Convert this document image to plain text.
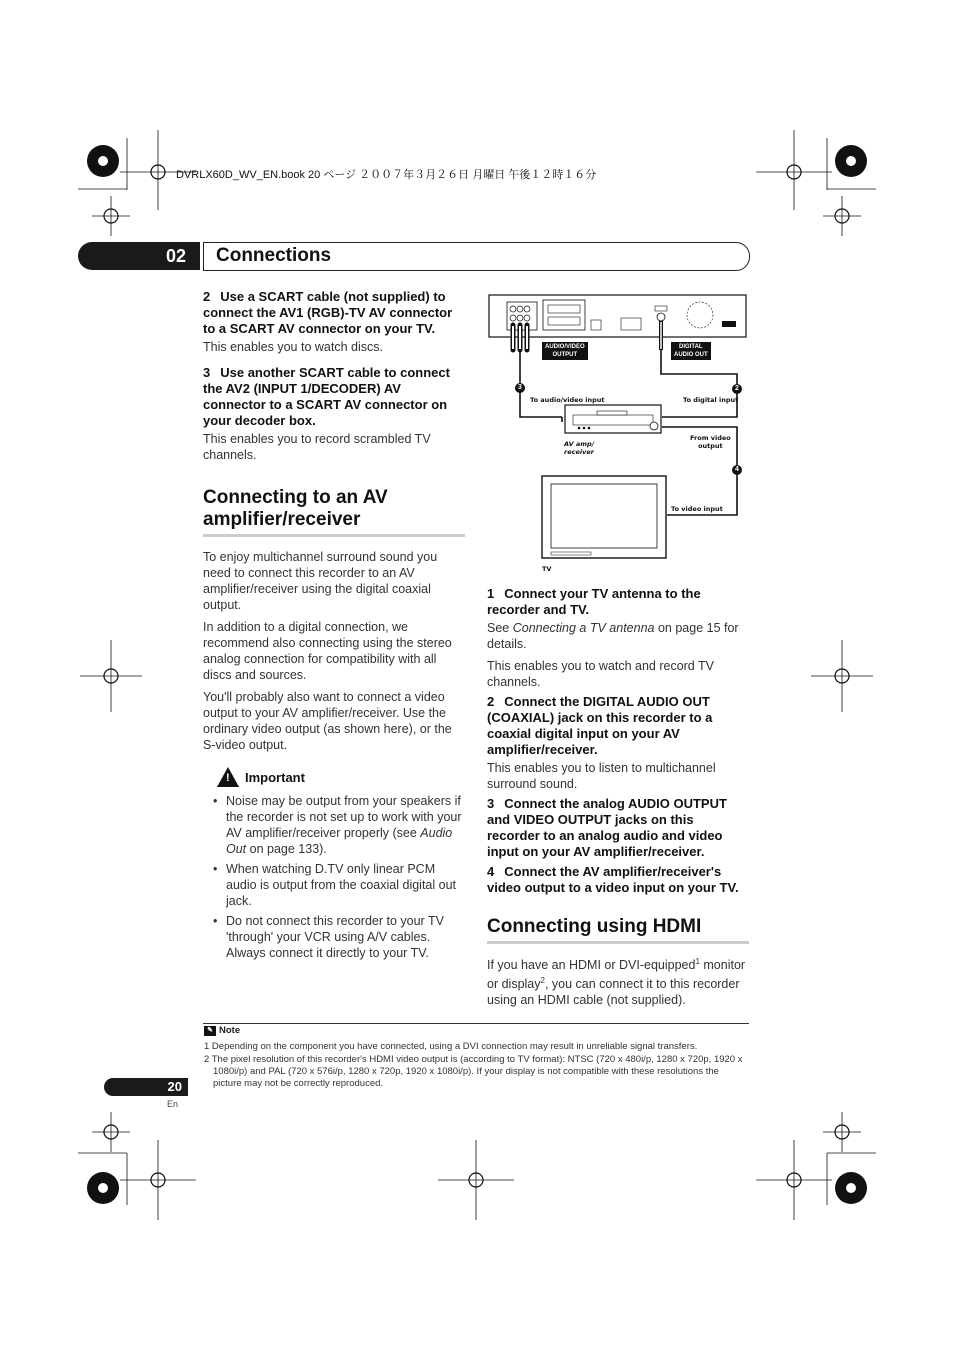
DVRLX60D_WV_EN.book 20 ページ ２００７年３月２６日 月曜日 午後１２時１６分
02 Connections

2 Use a SCART cable (not supplied) to connect the AV1 (RGB)-TV AV connector to a SCART AV connector on your TV.

This enables you to watch discs.

3 Use another SCART cable to connect the AV2 (INPUT 1/DECODER) AV connector to a SCART AV connector on your decoder box.

This enables you to record scrambled TV channels.

Connecting to an AV amplifier/receiver

To enjoy multichannel surround sound you need to connect this recorder to an AV amplifier/receiver using the digital coaxial output.

In addition to a digital connection, we recommend also connecting using the stereo analog connection for compatibility with all discs and sources.

You'll probably also want to connect a video output to your AV amplifier/receiver. Use the ordinary video output (as shown here), or the S-video output.

! Important
• Noise may be output from your speakers if the recorder is not set up to work with your AV amplifier/receiver properly (see Audio Out on page 133).
• When watching D.TV only linear PCM audio is output from the coaxial digital out jack.
• Do not connect this recorder to your TV 'through' your VCR using A/V cables. Always connect it directly to your TV.
AUDIO/VIDEO
OUTPUT
DIGITAL
AUDIO OUT
3	2
4
To audio/video input	To digital input
AV amp/
receiver
From video
output
To video input
TV

1 Connect your TV antenna to the recorder and TV.

See Connecting a TV antenna on page 15 for details.

This enables you to watch and record TV channels.

2 Connect the DIGITAL AUDIO OUT (COAXIAL) jack on this recorder to a coaxial digital input on your AV amplifier/receiver.

This enables you to listen to multichannel surround sound.

3 Connect the analog AUDIO OUTPUT and VIDEO OUTPUT jacks on this recorder to an analog audio and video input on your AV amplifier/receiver.

4 Connect the AV amplifier/receiver's video output to a video input on your TV.

Connecting using HDMI

If you have an HDMI or DVI-equipped$^1$ monitor or display$^2$, you can connect it to this recorder using an HDMI cable (not supplied).

✎ Note

1 Depending on the component you have connected, using a DVI connection may result in unreliable signal transfers.

2 The pixel resolution of this recorder's HDMI video output is (according to TV format): NTSC (720 x 480i/p, 1280 x 720p, 1920 x 1080i/p) and PAL (720 x 576i/p, 1280 x 720p, 1920 x 1080i/p). If your display is not compatible with these resolutions the picture may not be correctly reproduced.

20
En
